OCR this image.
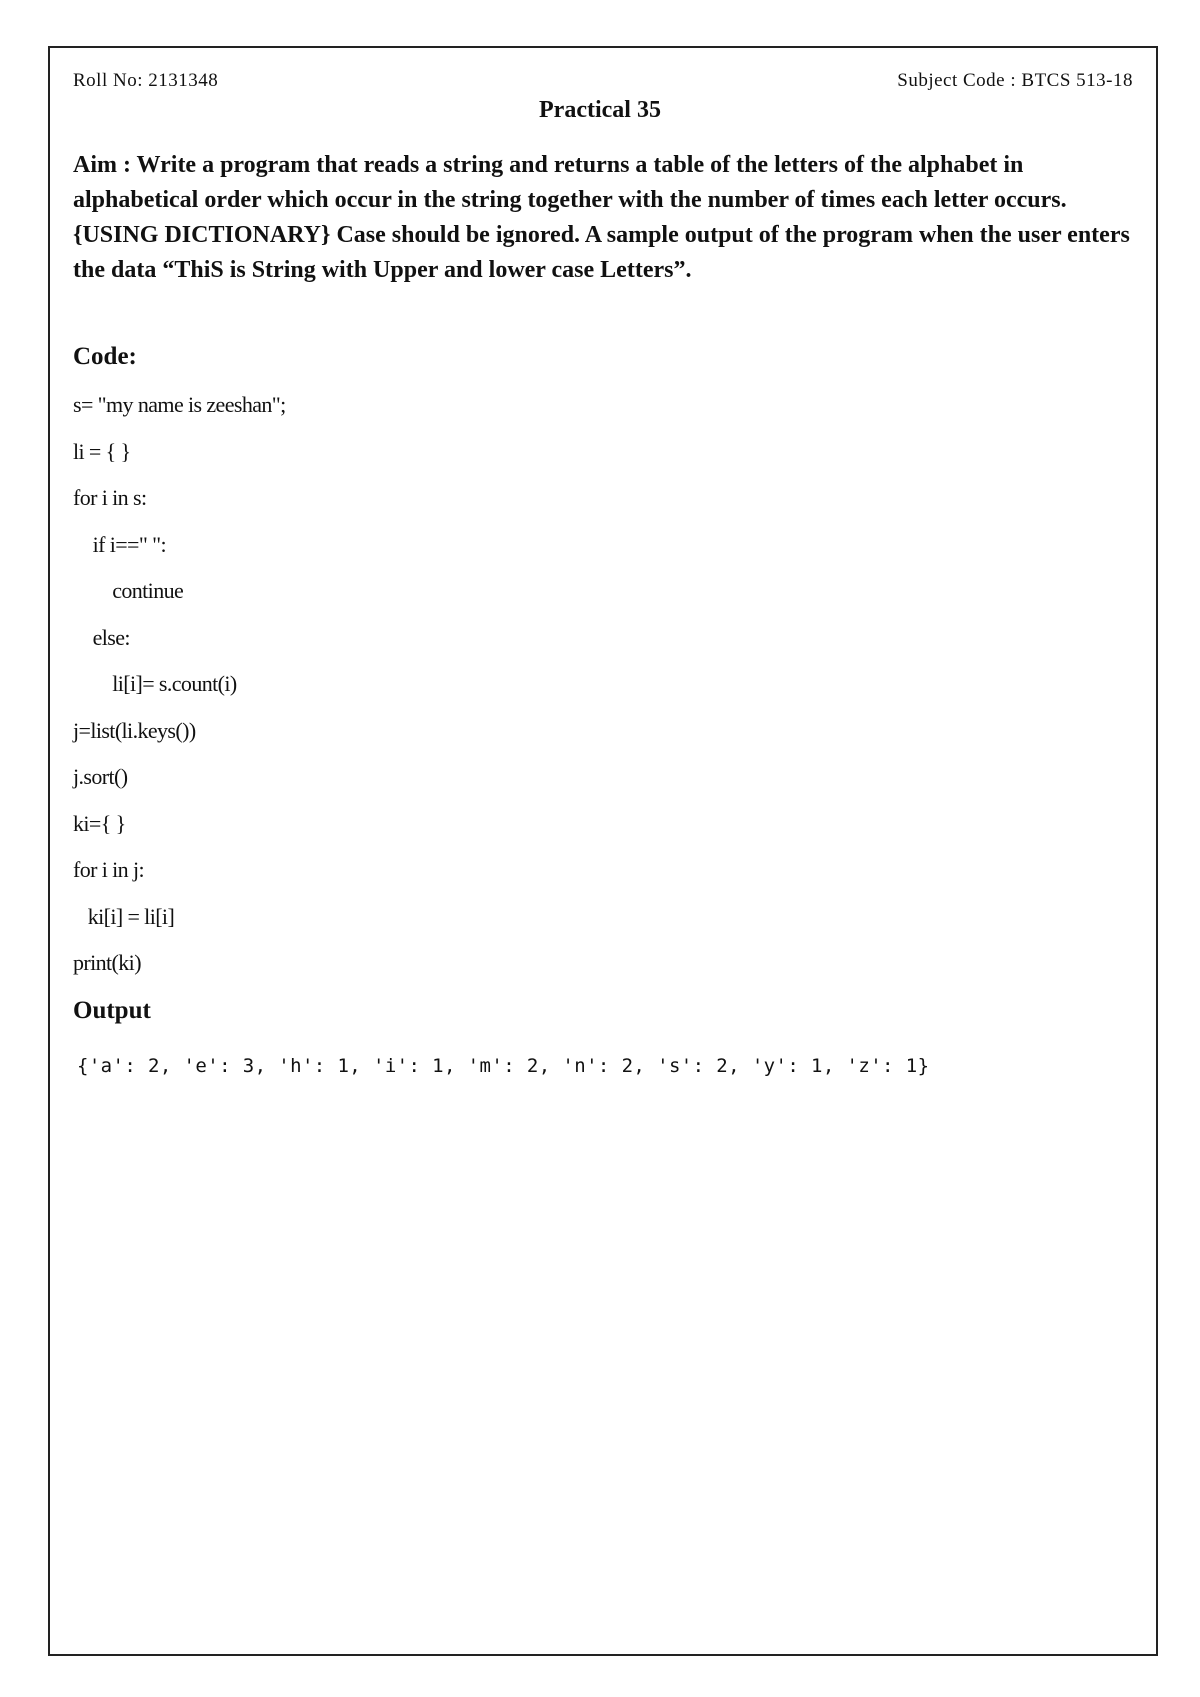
Roll No: 2131348	Subject Code : BTCS 513-18
Practical 35
Aim : Write a program that reads a string and returns a table of the letters of the alphabet in alphabetical order which occur in the string together with the number of times each letter occurs.{USING DICTIONARY} Case should be ignored. A sample output of the program when the user enters the data “ThiS is String with Upper and lower case Letters”.
Code:
s= "my name is zeeshan";
li = { }
for i in s:
if i==" ":
continue
else:
li[i]= s.count(i)
j=list(li.keys())
j.sort()
ki={ }
for i in j:
ki[i] = li[i]
print(ki)
Output
{'a': 2, 'e': 3, 'h': 1, 'i': 1, 'm': 2, 'n': 2, 's': 2, 'y': 1, 'z': 1}
